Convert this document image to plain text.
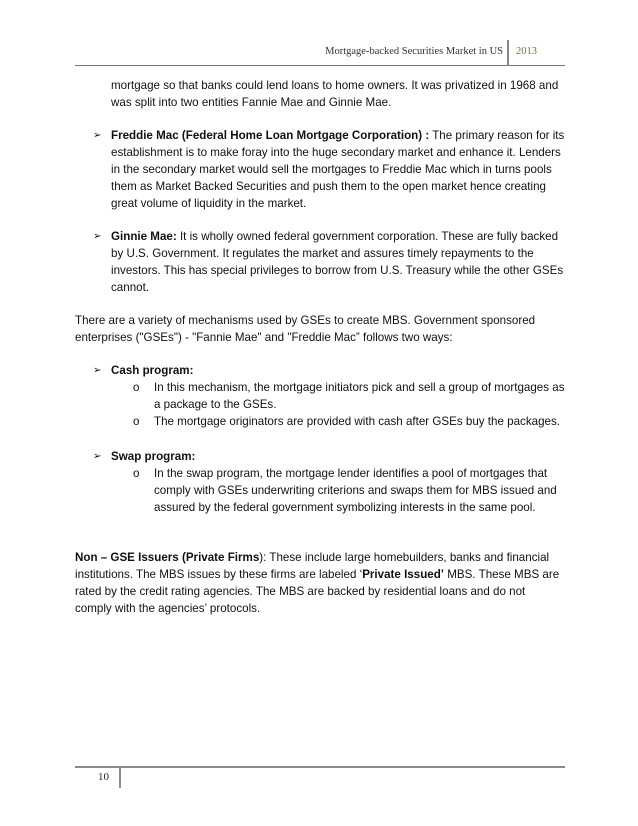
Mortgage-backed Securities Market in US 2013

mortgage so that banks could lend loans to home owners. It was privatized in 1968 and was split into two entities Fannie Mae and Ginnie Mae.

➢ Freddie Mac (Federal Home Loan Mortgage Corporation) : The primary reason for its establishment is to make foray into the huge secondary market and enhance it. Lenders in the secondary market would sell the mortgages to Freddie Mac which in turns pools them as Market Backed Securities and push them to the open market hence creating great volume of liquidity in the market.

➢ Ginnie Mae: It is wholly owned federal government corporation. These are fully backed by U.S. Government. It regulates the market and assures timely repayments to the investors. This has special privileges to borrow from U.S. Treasury while the other GSEs cannot.

There are a variety of mechanisms used by GSEs to create MBS. Government sponsored enterprises ("GSEs") - "Fannie Mae" and "Freddie Mac” follows two ways:

➢ Cash program:

o	In this mechanism, the mortgage initiators pick and sell a group of mortgages as a package to the GSEs.

o	The mortgage originators are provided with cash after GSEs buy the packages.

➢ Swap program:

o	In the swap program, the mortgage lender identifies a pool of mortgages that comply with GSEs underwriting criterions and swaps them for MBS issued and assured by the federal government symbolizing interests in the same pool.

Non – GSE Issuers (Private Firms): These include large homebuilders, banks and financial institutions. The MBS issues by these firms are labeled ‘Private Issued’ MBS. These MBS are rated by the credit rating agencies. The MBS are backed by residential loans and do not comply with the agencies’ protocols.

10
